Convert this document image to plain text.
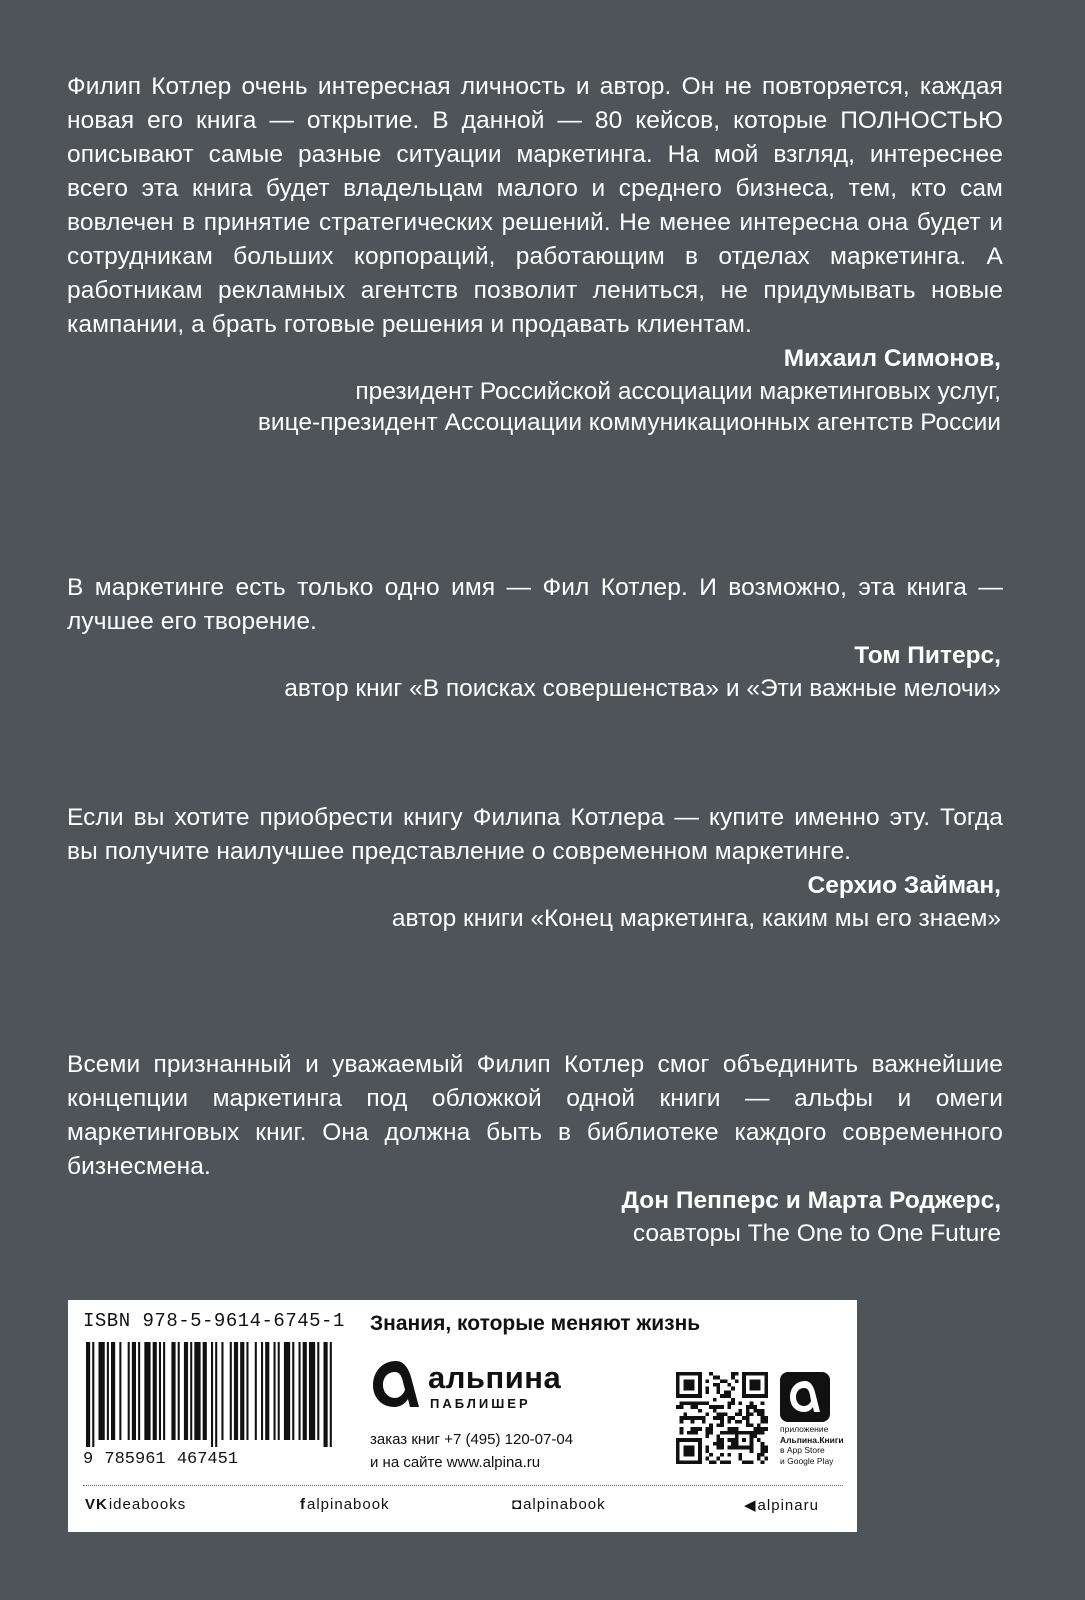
Филип Котлер очень интересная личность и автор. Он не повторяется, каждая новая его книга — открытие. В данной — 80 кейсов, которые ПОЛНОСТЬЮ описывают самые разные ситуации маркетинга. На мой взгляд, интереснее всего эта книга будет владельцам малого и среднего бизнеса, тем, кто сам вовлечен в принятие стратегических решений. Не менее интересна она будет и сотрудникам больших корпораций, работающим в отделах маркетинга. А работникам рекламных агентств позволит лениться, не придумывать новые кампании, а брать готовые решения и продавать клиентам.

Михаил Симонов,
президент Российской ассоциации маркетинговых услуг,
вице-президент Ассоциации коммуникационных агентств России

В маркетинге есть только одно имя — Фил Котлер. И возможно, эта книга — лучшее его творение.

Том Питерс,
автор книг «В поисках совершенства» и «Эти важные мелочи»

Если вы хотите приобрести книгу Филипа Котлера — купите именно эту. Тогда вы получите наилучшее представление о современном маркетинге.

Серхио Займан,
автор книги «Конец маркетинга, каким мы его знаем»

Всеми признанный и уважаемый Филип Котлер смог объединить важнейшие концепции маркетинга под обложкой одной книги — альфы и омеги маркетинговых книг. Она должна быть в библиотеке каждого современного бизнесмена.

Дон Пепперс и Марта Роджерс,
соавторы The One to One Future
ISBN 978-5-9614-6745-1
9 785961 467451
Знания, которые меняют жизнь
альпина
ПАБЛИШЕР
заказ книг +7 (495) 120-07-04
и на сайте www.alpina.ru
приложение
Альпина.Книги
в App Store
и Google Play
VK ideabooks	f alpinabook	◘ alpinabook	◀ alpinaru
